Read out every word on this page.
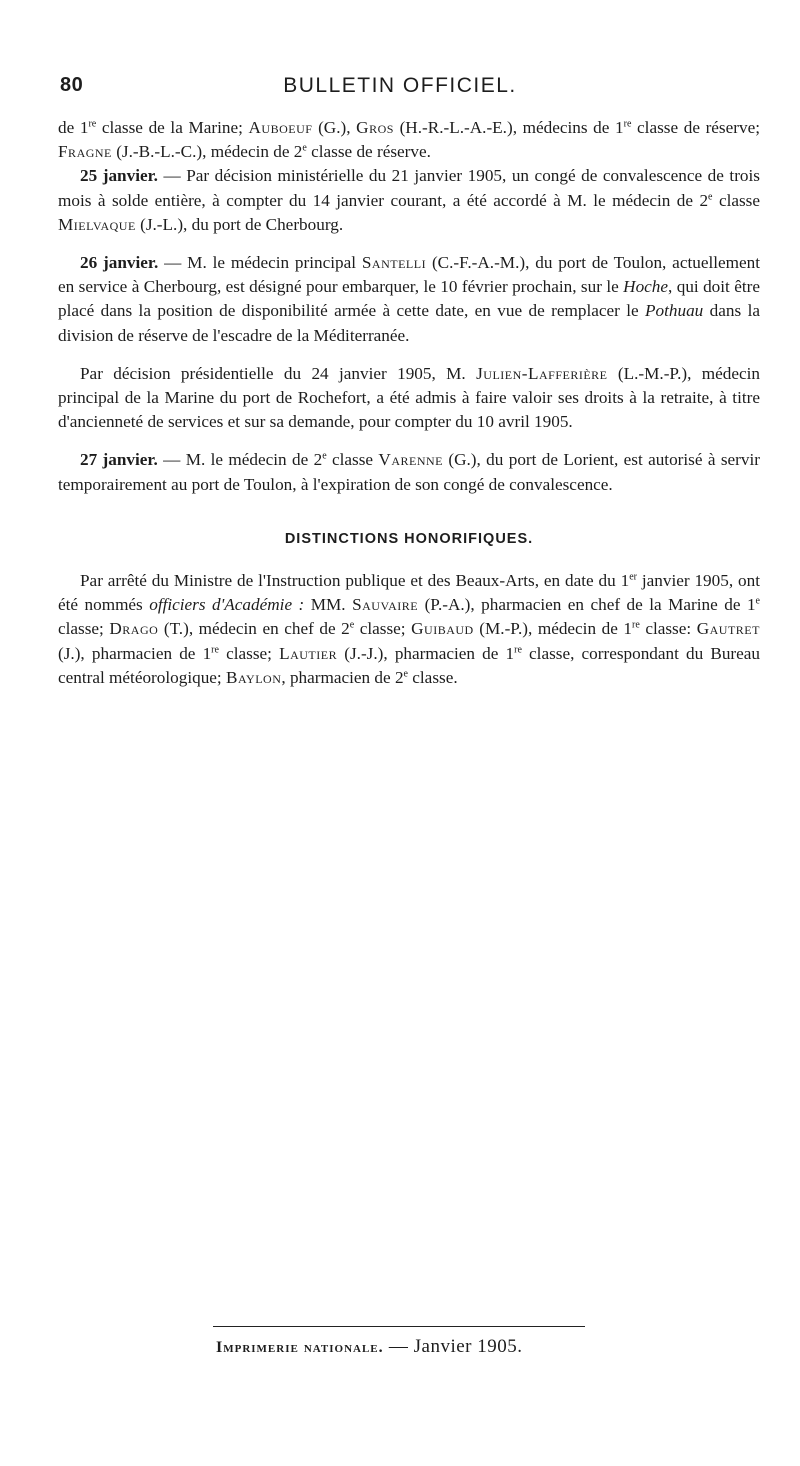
80	BULLETIN OFFICIEL.

de 1re classe de la Marine; Auboeuf (G.), Gros (H.-R.-L.-A.-E.), médecins de 1re classe de réserve; Fragne (J.-B.-L.-C.), médecin de 2e classe de réserve.

25 janvier. — Par décision ministérielle du 21 janvier 1905, un congé de convalescence de trois mois à solde entière, à compter du 14 janvier courant, a été accordé à M. le médecin de 2e classe Mielvaque (J.-L.), du port de Cherbourg.

26 janvier. — M. le médecin principal Santelli (C.-F.-A.-M.), du port de Toulon, actuellement en service à Cherbourg, est désigné pour embarquer, le 10 février prochain, sur le Hoche, qui doit être placé dans la position de disponibilité armée à cette date, en vue de remplacer le Pothuau dans la division de réserve de l'escadre de la Méditerranée.

Par décision présidentielle du 24 janvier 1905, M. Julien-Lafferière (L.-M.-P.), médecin principal de la Marine du port de Rochefort, a été admis à faire valoir ses droits à la retraite, à titre d'ancienneté de services et sur sa demande, pour compter du 10 avril 1905.

27 janvier. — M. le médecin de 2e classe Varenne (G.), du port de Lorient, est autorisé à servir temporairement au port de Toulon, à l'expiration de son congé de convalescence.

DISTINCTIONS HONORIFIQUES.

Par arrêté du Ministre de l'Instruction publique et des Beaux-Arts, en date du 1er janvier 1905, ont été nommés officiers d'Académie : MM. Sauvaire (P.-A.), pharmacien en chef de la Marine de 1e classe; Drago (T.), médecin en chef de 2e classe; Guibaud (M.-P.), médecin de 1re classe: Gautret (J.), pharmacien de 1re classe; Lautier (J.-J.), pharmacien de 1re classe, correspondant du Bureau central météorologique; Baylon, pharmacien de 2e classe.

Imprimerie nationale. — Janvier 1905.
